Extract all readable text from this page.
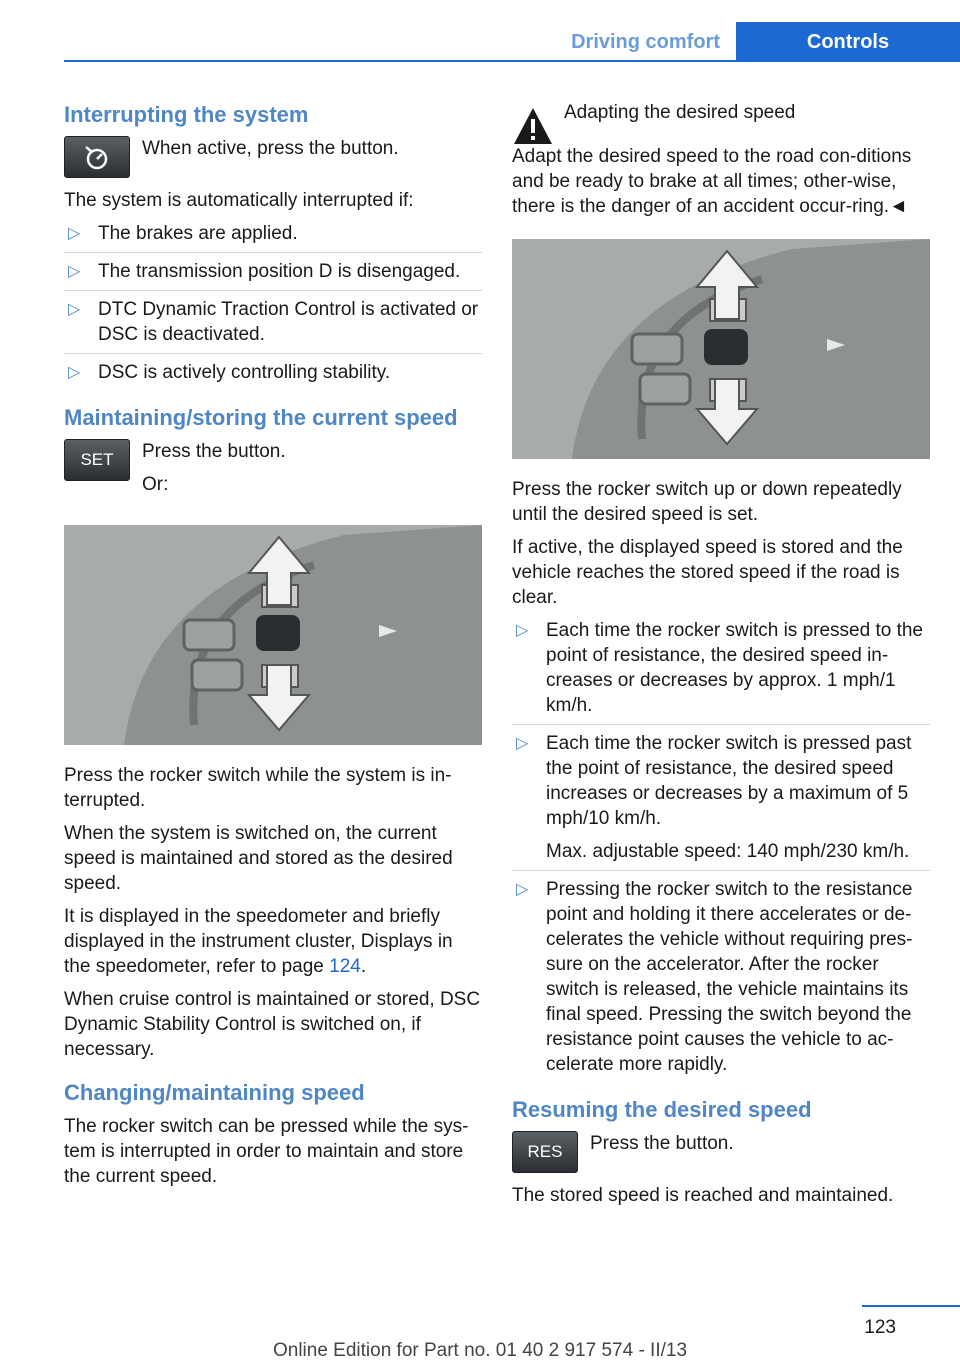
Driving comfort	Controls
Interrupting the system

When active, press the button.

The system is automatically interrupted if:

▷ The brakes are applied.
▷ The transmission position D is disengaged.
▷ DTC Dynamic Traction Control is activated or DSC is deactivated.
▷ DSC is actively controlling stability.
Maintaining/storing the current speed
SET	Press the button.

Or:

Press the rocker switch while the system is in-terrupted.

When the system is switched on, the current speed is maintained and stored as the desired speed.

It is displayed in the speedometer and briefly displayed in the instrument cluster, Displays in the speedometer, refer to page 124.

When cruise control is maintained or stored, DSC Dynamic Stability Control is switched on, if necessary.

Changing/maintaining speed

The rocker switch can be pressed while the sys-tem is interrupted in order to maintain and store the current speed.

Adapting the desired speed

Adapt the desired speed to the road con-ditions and be ready to brake at all times; other-wise, there is the danger of an accident occur-ring.◄

Press the rocker switch up or down repeatedly until the desired speed is set.

If active, the displayed speed is stored and the vehicle reaches the stored speed if the road is clear.

▷ Each time the rocker switch is pressed to the point of resistance, the desired speed in-creases or decreases by approx. 1 mph/1 km/h.
▷ Each time the rocker switch is pressed past the point of resistance, the desired speed increases or decreases by a maximum of 5 mph/10 km/h.
Max. adjustable speed: 140 mph/230 km/h.
▷ Pressing the rocker switch to the resistance point and holding it there accelerates or de-celerates the vehicle without requiring pres-sure on the accelerator. After the rocker switch is released, the vehicle maintains its final speed. Pressing the switch beyond the resistance point causes the vehicle to ac-celerate more rapidly.
Resuming the desired speed
RES	Press the button.

The stored speed is reached and maintained.

123
Online Edition for Part no. 01 40 2 917 574 - II/13
